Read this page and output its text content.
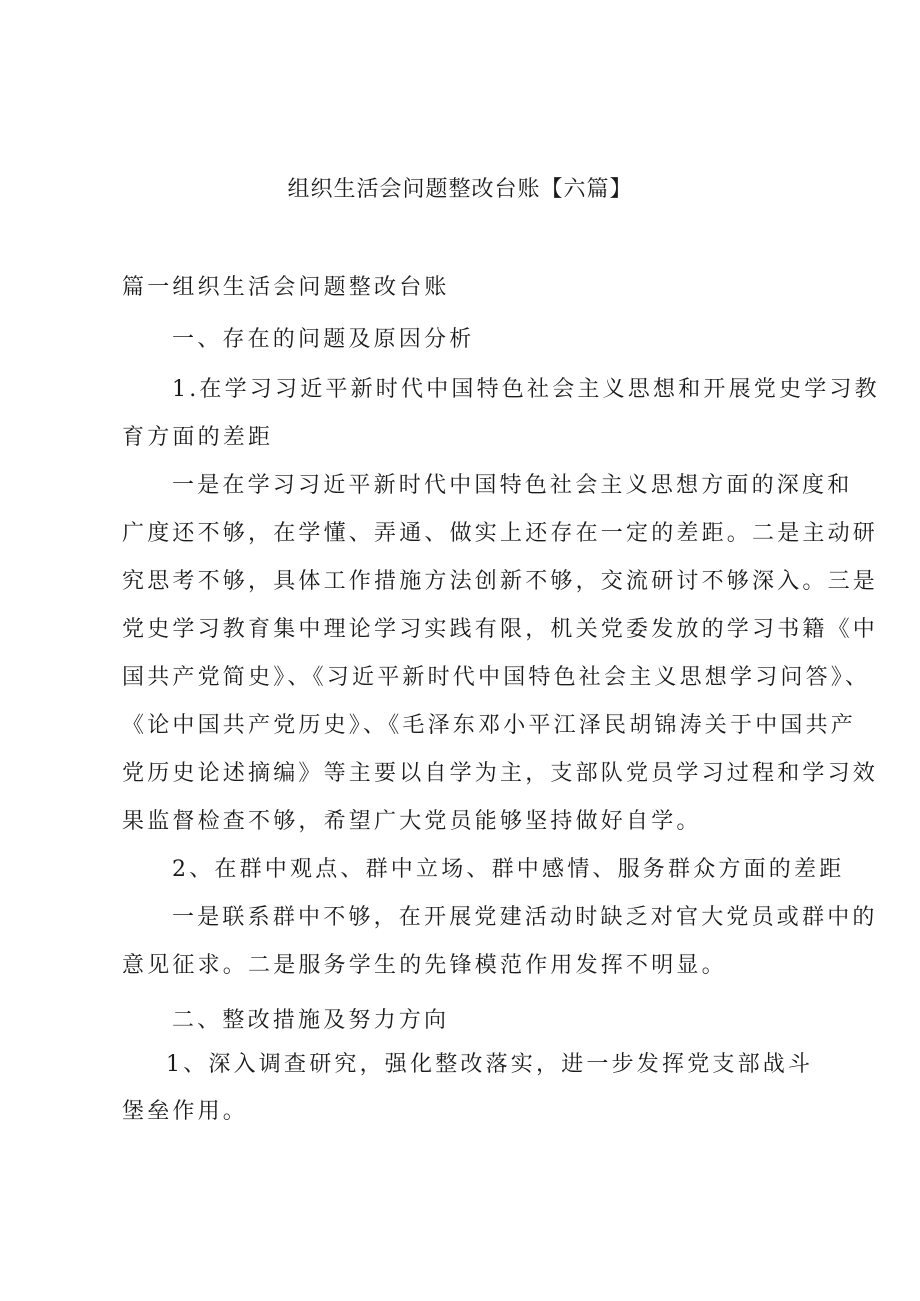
组织生活会问题整改台账【六篇】
篇一组织生活会问题整改台账
一、存在的问题及原因分析
1.在学习习近平新时代中国特色社会主义思想和开展党史学习教
育方面的差距
一是在学习习近平新时代中国特色社会主义思想方面的深度和
广度还不够，在学懂、弄通、做实上还存在一定的差距。二是主动研
究思考不够，具体工作措施方法创新不够，交流研讨不够深入。三是
党史学习教育集中理论学习实践有限，机关党委发放的学习书籍《中
国共产党简史》、《习近平新时代中国特色社会主义思想学习问答》、
《论中国共产党历史》、《毛泽东邓小平江泽民胡锦涛关于中国共产
党历史论述摘编》等主要以自学为主，支部队党员学习过程和学习效
果监督检查不够，希望广大党员能够坚持做好自学。
2、在群中观点、群中立场、群中感情、服务群众方面的差距
一是联系群中不够，在开展党建活动时缺乏对官大党员或群中的
意见征求。二是服务学生的先锋模范作用发挥不明显。
二、整改措施及努力方向
1、深入调查研究，强化整改落实，进一步发挥党支部战斗
堡垒作用。
